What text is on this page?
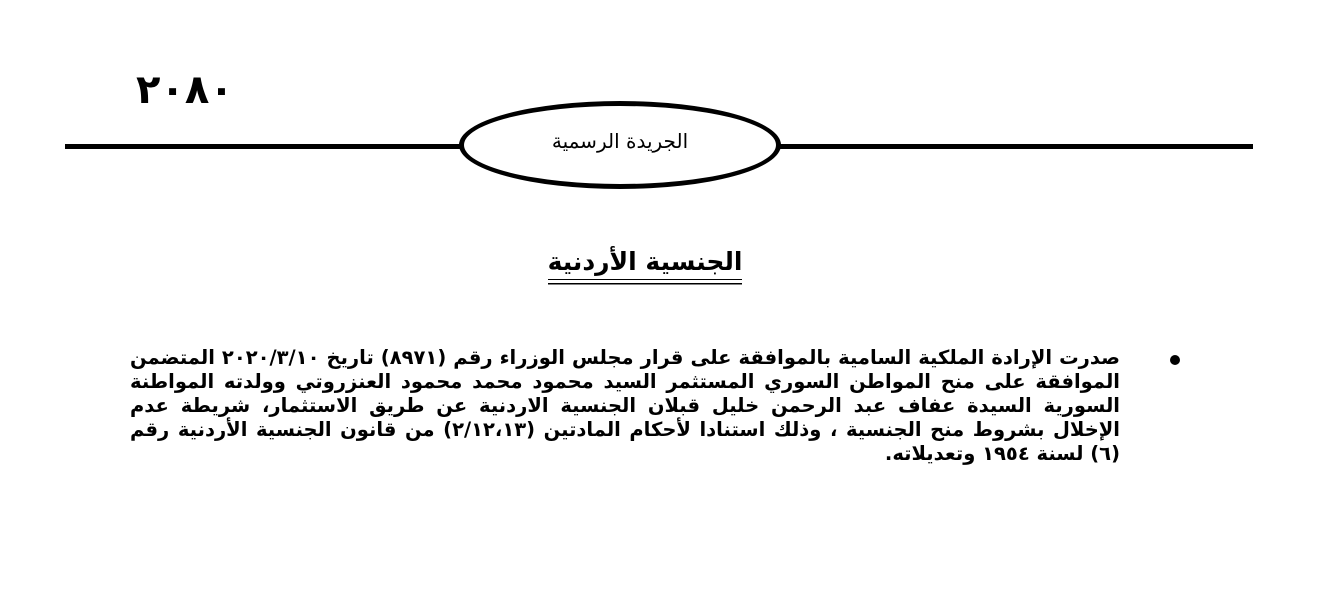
٢٠٨٠
الجريدة الرسمية
الجنسية الأردنية
صدرت الإرادة الملكية السامية بالموافقة على قرار مجلس الوزراء رقم (٨٩٧١) تاريخ ٢٠٢٠/٣/١٠ المتضمن الموافقة على منح المواطن السوري المستثمر السيد محمود محمد محمود العنزروتي وولدته المواطنة السورية السيدة عفاف عبد الرحمن خليل قبلان الجنسية الاردنية عن طريق الاستثمار، شريطة عدم الإخلال بشروط منح الجنسية ، وذلك استنادا لأحكام المادتين (٢/١٢،١٣) من قانون الجنسية الأردنية رقم (٦) لسنة ١٩٥٤ وتعديلاته.
